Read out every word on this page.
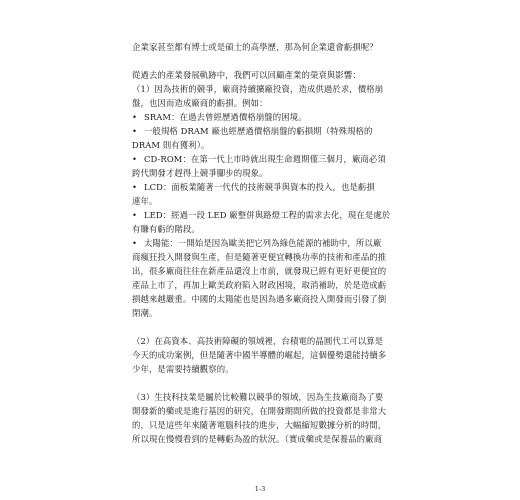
企業家甚至都有博士或是碩士的高學歷，那為何企業還會虧損呢？
從過去的產業發展軌跡中，我們可以回顧產業的榮衰與影響：
（1）因為技術的競爭，廠商持續擴廠投資，造成供過於求，價格崩
盤，也因而造成廠商的虧損。例如：
• SRAM：在過去曾經歷過價格崩盤的困境。
• 一般規格 DRAM 廠也經歷過價格崩盤的虧損期（特殊規格的
DRAM 則有獲利）。
• CD-ROM：在第一代上市時就出現生命週期僅三個月，廠商必須
跨代開發才趕得上競爭腳步的現象。
• LCD：面板業隨著一代代的技術競爭與資本的投入，也是虧損
連年。
• LED：經過一段 LED 廠整併與路燈工程的需求去化，現在是處於
有賺有虧的階段。
• 太陽能：一開始是因為歐美把它列為綠色能源的補助中，所以廠
商瘋狂投入開發與生產，但是隨著更便宜轉換功率的技術和產品的推
出，很多廠商往往在新產品還沒上市前，就發現已經有更好更便宜的
產品上市了，再加上歐美政府陷入財政困境，取消補助，於是造成虧
損越來越嚴重。中國的太陽能也是因為過多廠商投入開發而引發了倒
閉潮。
（2）在高資本、高技術障礙的領域裡，台積電的晶圓代工可以算是
今天的成功案例，但是隨著中國半導體的崛起，這個優勢還能持續多
少年，是需要持續觀察的。
（3）生技科技業是屬於比較難以競爭的領域，因為生技廠商為了要
開發新的藥或是進行基因的研究，在開發期間所做的投資都是非常大
的，只是這些年來隨著電腦科技的進步，大幅縮短數據分析的時間，
所以現在慢慢看到的是轉虧為盈的狀況。（實成藥或是保養品的廠商
1-3
